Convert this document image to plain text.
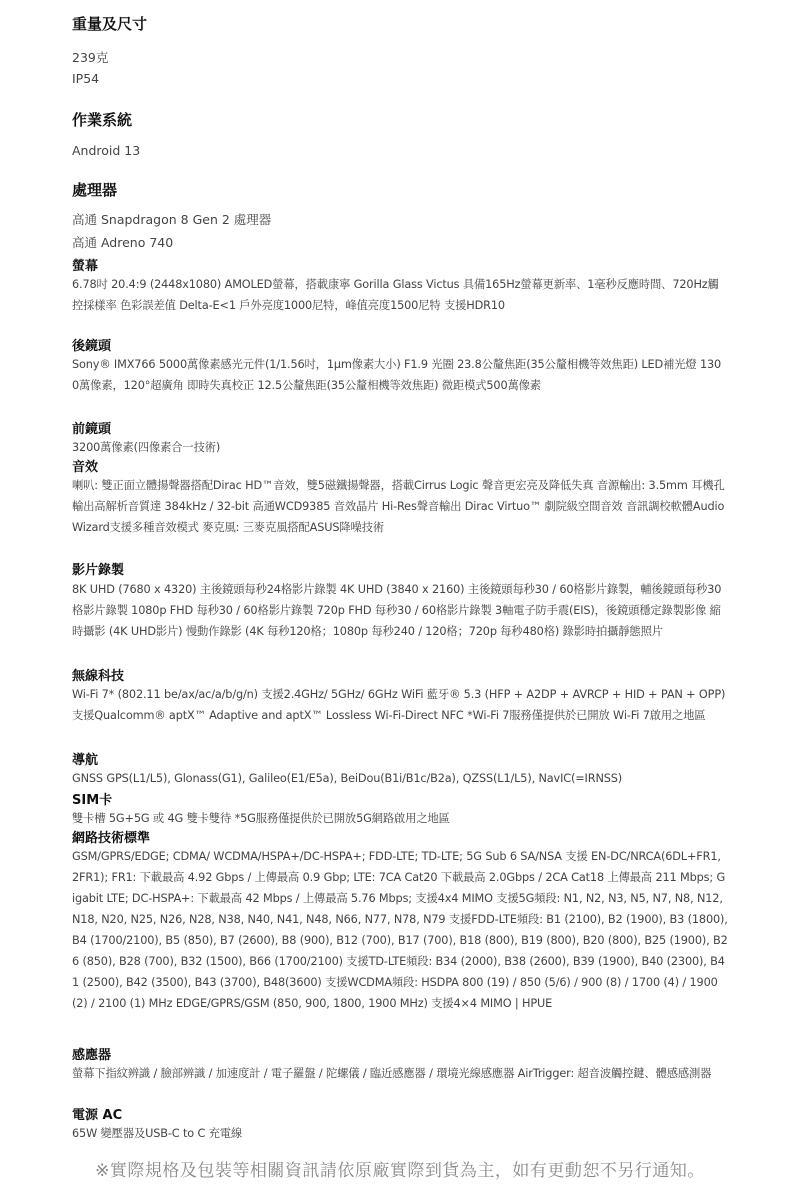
重量及尺寸
239克
IP54
作業系統
Android 13
處理器
高通 Snapdragon 8 Gen 2 處理器
高通 Adreno 740
螢幕
6.78吋 20.4:9 (2448x1080) AMOLED螢幕，搭載康寧 Gorilla Glass Victus 具備165Hz螢幕更新率、1毫秒反應時間、720Hz觸控採樣率 色彩誤差值 Delta-E<1 戶外亮度1000尼特，峰值亮度1500尼特 支援HDR10
後鏡頭
Sony® IMX766 5000萬像素感光元件(1/1.56吋，1μm像素大小) F1.9 光圈 23.8公釐焦距(35公釐相機等效焦距) LED補光燈 1300萬像素，120°超廣角 即時失真校正 12.5公釐焦距(35公釐相機等效焦距) 微距模式500萬像素
前鏡頭
3200萬像素(四像素合一技術)
音效
喇叭: 雙正面立體揚聲器搭配Dirac HD™音效，雙5磁鐵揚聲器，搭載Cirrus Logic 聲音更宏亮及降低失真 音源輸出: 3.5mm 耳機孔輸出高解析音質達 384kHz / 32-bit 高通WCD9385 音效晶片 Hi-Res聲音輸出 Dirac Virtuo™ 劇院級空間音效 音訊調校軟體AudioWizard支援多種音效模式 麥克風: 三麥克風搭配ASUS降噪技術
影片錄製
8K UHD (7680 x 4320) 主後鏡頭每秒24格影片錄製 4K UHD (3840 x 2160) 主後鏡頭每秒30 / 60格影片錄製，輔後鏡頭每秒30格影片錄製 1080p FHD 每秒30 / 60格影片錄製 720p FHD 每秒30 / 60格影片錄製 3軸電子防手震(EIS)，後鏡頭穩定錄製影像 縮時攝影 (4K UHD影片) 慢動作錄影 (4K 每秒120格；1080p 每秒240 / 120格；720p 每秒480格) 錄影時拍攝靜態照片
無線科技
Wi-Fi 7* (802.11 be/ax/ac/a/b/g/n) 支援2.4GHz/ 5GHz/ 6GHz WiFi 藍牙® 5.3 (HFP + A2DP + AVRCP + HID + PAN + OPP) 支援Qualcomm® aptX™ Adaptive and aptX™ Lossless Wi-Fi-Direct NFC *Wi-Fi 7服務僅提供於已開放 Wi-Fi 7啟用之地區
導航
GNSS GPS(L1/L5), Glonass(G1), Galileo(E1/E5a), BeiDou(B1i/B1c/B2a), QZSS(L1/L5), NavIC(=IRNSS)
SIM卡
雙卡槽 5G+5G 或 4G 雙卡雙待 *5G服務僅提供於已開放5G網路啟用之地區
網路技術標準
GSM/GPRS/EDGE; CDMA/ WCDMA/HSPA+/DC-HSPA+; FDD-LTE; TD-LTE; 5G Sub 6 SA/NSA 支援 EN-DC/NRCA(6DL+FR1, 2FR1); FR1: 下載最高 4.92 Gbps / 上傳最高 0.9 Gbp; LTE: 7CA Cat20 下載最高 2.0Gbps / 2CA Cat18 上傳最高 211 Mbps; Gigabit LTE; DC-HSPA+: 下載最高 42 Mbps / 上傳最高 5.76 Mbps; 支援4x4 MIMO 支援5G頻段: N1, N2, N3, N5, N7, N8, N12, N18, N20, N25, N26, N28, N38, N40, N41, N48, N66, N77, N78, N79 支援FDD-LTE頻段: B1 (2100), B2 (1900), B3 (1800), B4 (1700/2100), B5 (850), B7 (2600), B8 (900), B12 (700), B17 (700), B18 (800), B19 (800), B20 (800), B25 (1900), B26 (850), B28 (700), B32 (1500), B66 (1700/2100) 支援TD-LTE頻段: B34 (2000), B38 (2600), B39 (1900), B40 (2300), B41 (2500), B42 (3500), B43 (3700), B48(3600) 支援WCDMA頻段: HSDPA 800 (19) / 850 (5/6) / 900 (8) / 1700 (4) / 1900 (2) / 2100 (1) MHz EDGE/GPRS/GSM (850, 900, 1800, 1900 MHz) 支援4×4 MIMO | HPUE
感應器
螢幕下指紋辨識 / 臉部辨識 / 加速度計 / 電子羅盤 / 陀螺儀 / 臨近感應器 / 環境光線感應器 AirTrigger: 超音波觸控鍵、體感感測器
電源 AC
65W 變壓器及USB-C to C 充電線
※實際規格及包裝等相關資訊請依原廠實際到貨為主，如有更動恕不另行通知。
